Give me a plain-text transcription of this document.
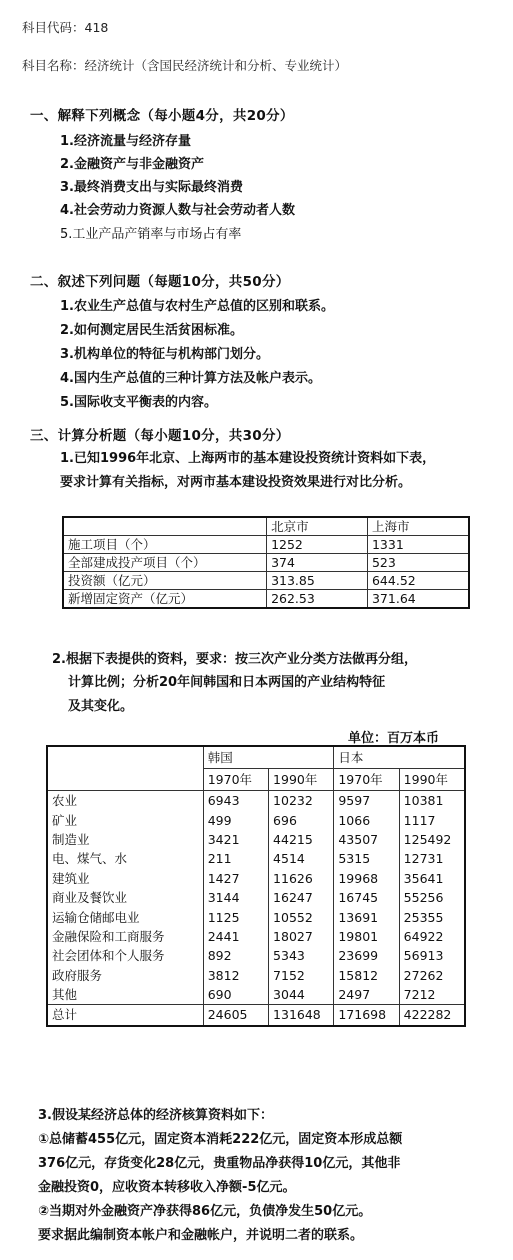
科目代码：418
科目名称：经济统计（含国民经济统计和分析、专业统计）
一、解释下列概念（每小题4分，共20分）
1.经济流量与经济存量
2.金融资产与非金融资产
3.最终消费支出与实际最终消费
4.社会劳动力资源人数与社会劳动者人数
5.工业产品产销率与市场占有率
二、叙述下列问题（每题10分，共50分）
1.农业生产总值与农村生产总值的区别和联系。
2.如何测定居民生活贫困标准。
3.机构单位的特征与机构部门划分。
4.国内生产总值的三种计算方法及帐户表示。
5.国际收支平衡表的内容。
三、计算分析题（每小题10分，共30分）
1.已知1996年北京、上海两市的基本建设投资统计资料如下表，
要求计算有关指标，对两市基本建设投资效果进行对比分析。
	北京市	上海市
施工项目（个）	1252	1331
全部建成投产项目（个）	374	523
投资额（亿元）	313.85	644.52
新增固定资产（亿元）	262.53	371.64
2.根据下表提供的资料，要求：按三次产业分类方法做再分组，
计算比例；分析20年间韩国和日本两国的产业结构特征
及其变化。
单位：百万本币
	韩国		日本	
	1970年	1990年	1970年	1990年
农业	6943	10232	9597	10381
矿业	499	696	1066	1117
制造业	3421	44215	43507	125492
电、煤气、水	211	4514	5315	12731
建筑业	1427	11626	19968	35641
商业及餐饮业	3144	16247	16745	55256
运输仓储邮电业	1125	10552	13691	25355
金融保险和工商服务	2441	18027	19801	64922
社会团体和个人服务	892	5343	23699	56913
政府服务	3812	7152	15812	27262
其他	690	3044	2497	7212
总计	24605	131648	171698	422282
3.假设某经济总体的经济核算资料如下：
①总储蓄455亿元，固定资本消耗222亿元，固定资本形成总额
376亿元，存货变化28亿元，贵重物品净获得10亿元，其他非
金融投资0，应收资本转移收入净额-5亿元。
②当期对外金融资产净获得86亿元，负债净发生50亿元。
要求据此编制资本帐户和金融帐户，并说明二者的联系。
